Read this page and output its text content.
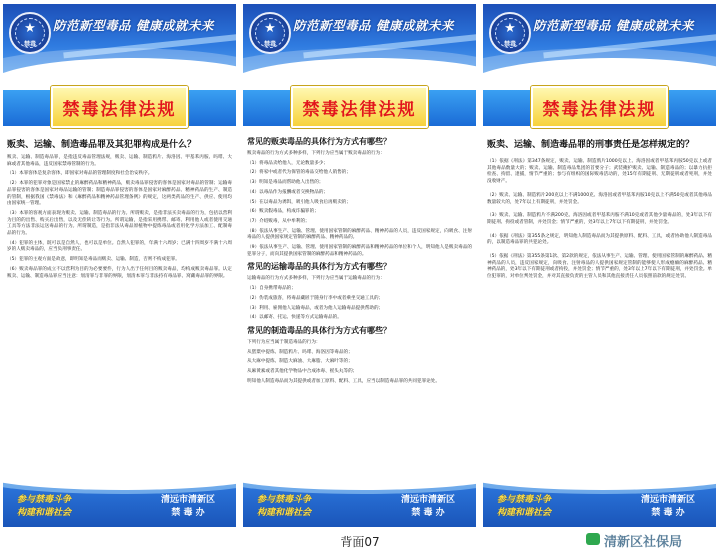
★
禁毒
防范新型毒品 健康成就未来
禁毒法律法规
贩卖、运输、制造毒品罪及其犯罪构成是什么？
贩卖、运输、制造毒品罪，是指违反毒品管理法规，贩卖、运输、制造鸦片、海洛因、甲基苯丙胺、吗啡、大麻或者其他毒品，违反国家禁毒管制的行为。
（1）本罪客体是复杂客体，即国家对毒品的管理制度和社会治安秩序。
（2）本罪的犯罪对象是国家禁止的麻醉药品和精神药品，贩卖毒品罪侵害的客体是国家对毒品的管制；运输毒品罪侵害的客体是国家对毒品运输的管制；制造毒品罪侵害的客体是国家对麻醉药品、精神药品的生产、制造的管制，根据我国《禁毒法》和《麻醉药品和精神药品管理条例》的规定，这两类药品的生产、供应、使用均由国家统一管理。
（3）本罪的客观方面表现为贩卖、运输、制造毒品的行为。所谓贩卖，是指非法买卖毒品的行为，包括以营利为目的的出售、购买后出售，以及无偿转让等行为。所谓运输，是指采用携带、邮寄、利用他人或者使用交通工具等方法非法运送毒品的行为。所谓制造，是指非法从毒品原植物中提炼毒品或者用化学方法加工、配制毒品的行为。
（4）犯罪的主体，既可以是自然人，也可以是单位。自然人犯罪的，年满十六周岁；已满十四周岁不满十六周岁的人贩卖毒品的，应当负刑事责任。
（5）犯罪的主观方面是故意，即明知是毒品而贩卖、运输、制造，否则不构成犯罪。
（6）贩卖毒品罪的成立不以营利为目的为必要要件，行为人出于任何目的贩卖毒品，均构成贩卖毒品罪。认定贩卖、运输、制造毒品罪应当注意：划清罪与非罪的界限，划清本罪与非法持有毒品罪、窝藏毒品罪的界限。
参与禁毒斗争
构建和谐社会
清远市清新区
禁 毒 办
★
禁毒
防范新型毒品 健康成就未来
禁毒法律法规
常见的贩卖毒品的具体行为方式有哪些？
贩卖毒品的行为方式多种多样，下列行为应当属于贩卖毒品的行为：
（1）将毒品卖给他人，无论数量多少；
（2）将家中或者代为保管的毒品交给他人销售的；
（3）明知是毒品而帮助他人出售的；
（4）以毒品作为报酬或者交换物品的；
（5）在以毒品为诱饵，吸引他人吸食后再贩卖的；
（6）贩卖假毒品，构成诈骗罪的；
（7）介绍贩毒，从中牟利的；
（8）依法从事生产、运输、管理、使用国家管制的麻醉药品、精神药品的人员，违反国家规定，向吸食、注射毒品的人提供国家规定管制的麻醉药品、精神药品的。
（9）依法从事生产、运输、管理、使用国家管制的麻醉药品和精神药品的单位和个人，明知他人是贩卖毒品的犯罪分子，而向其提供国家管制的麻醉药品和精神药品的。
常见的运输毒品的具体行为方式有哪些？
运输毒品的行为方式多种多样，下列行为应当属于运输毒品的行为：
（1）自身携带毒品的；
（2）伪装成旅客，将毒品藏匿于随身行李中或者乘坐交通工具的；
（3）利用、雇佣他人运输毒品，或者为他人运输毒品提供帮助的；
（4）以邮寄、托运、快递等方式运输毒品的。
常见的制造毒品的具体行为方式有哪些？
下列行为应当属于制造毒品的行为：
从罂粟中提炼、制造鸦片、吗啡、海洛因等毒品的；
从大麻中提炼、制造大麻油、大麻脂、大麻叶等的；
从麻黄素或者其他化学物品中合成冰毒、摇头丸等的；
明知他人制造毒品而为其提供或者加工原料、配料、工具，应当以制造毒品罪的共同犯罪论处。
参与禁毒斗争
构建和谐社会
清远市清新区
禁 毒 办
★
禁毒
防范新型毒品 健康成就未来
禁毒法律法规
贩卖、运输、制造毒品罪的刑事责任是怎样规定的？
（1）依据《刑法》第347条规定，贩卖、运输、制造鸦片1000克以上、海洛因或者甲基苯丙胺50克以上或者其他毒品数量大的；贩卖、运输、制造毒品集团的首要分子；武装掩护贩卖、运输、制造毒品的；以暴力抗拒检查、拘留、逮捕，情节严重的；参与有组织的国际贩毒活动的，处15年有期徒刑、无期徒刑或者死刑，并处没收财产。
（2）贩卖、运输、制造鸦片200克以上不满1000克、海洛因或者甲基苯丙胺10克以上不满50克或者其他毒品数量较大的，处7年以上有期徒刑，并处罚金。
（3）贩卖、运输、制造鸦片不满200克、海洛因或者甲基苯丙胺不满10克或者其他少量毒品的，处3年以下有期徒刑、拘役或者管制，并处罚金；情节严重的，处3年以上7年以下有期徒刑，并处罚金。
（4）依据《刑法》第355条之规定，明知他人制造毒品而为其提供原料、配料、工具，或者协助他人制造毒品的，以制造毒品罪的共犯论处。
（5）依据《刑法》第355条第1款、第2款的规定，依法从事生产、运输、管理、使用国家管制的麻醉药品、精神药品的人员，违反国家规定，向吸食、注射毒品的人提供国家规定管制的能够使人形成瘾癖的麻醉药品、精神药品的，处3年以下有期徒刑或者拘役，并处罚金；情节严重的，处3年以上7年以下有期徒刑，并处罚金。单位犯罪的，对单位判处罚金，并对其直接负责的主管人员和其他直接责任人员依照前款的规定处罚。
参与禁毒斗争
构建和谐社会
清远市清新区
禁 毒 办
背面07	清新区社保局
